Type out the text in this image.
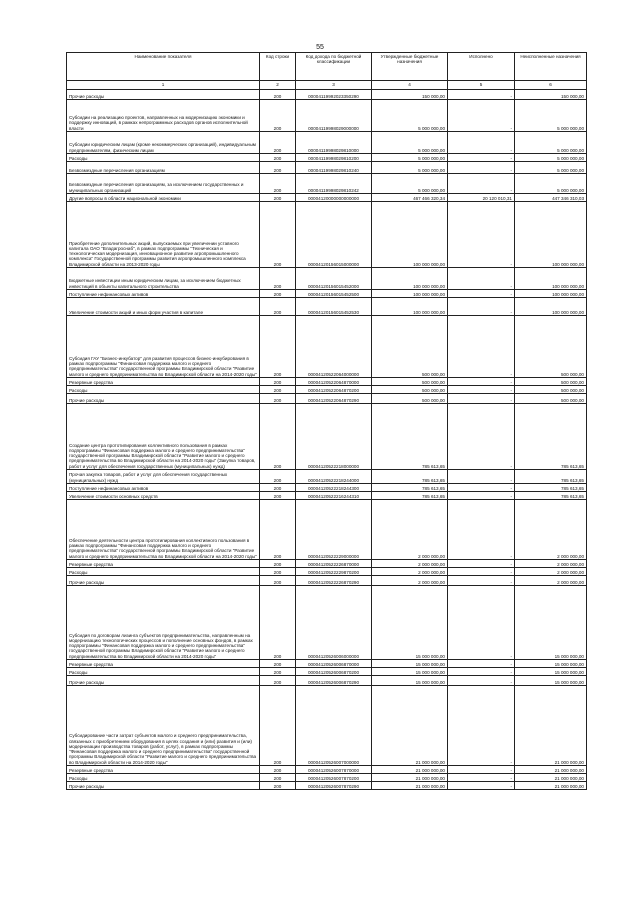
55
Наименование показателя	Код строки	Код дохода по бюджетной классификации	Утвержденные бюджетные назначения	Исполнено	Неисполненные назначения
1	2	3	4	5	6
Прочие расходы	200	00004119992023350290	150 000,00	-	150 000,00
Субсидии на реализацию проектов, направленных на модернизацию экономики и поддержку инноваций, в рамках непрограммных расходов органов исполнительной власти	200	00004119998029000000	5 000 000,00	-	5 000 000,00
Субсидии юридическим лицам (кроме некоммерческих организаций), индивидуальным предпринимателям, физическим лицам	200	00004119998029810000	5 000 000,00	-	5 000 000,00
Расходы	200	00004119998029810200	5 000 000,00	-	5 000 000,00
Безвозмездные перечисления организациям	200	00004119998029810240	5 000 000,00	-	5 000 000,00
Безвозмездные перечисления организациям, за исключением государственных и муниципальных организаций	200	00004119998029810242	5 000 000,00	-	5 000 000,00
Другие вопросы в области национальной экономики	200	00004120000000000000	467 466 320,34	20 120 010,31	447 346 310,03
Приобретение дополнительных акций, выпускаемых при увеличении уставного капитала ОАО "Владагроснаб", в рамках подпрограммы "Техническая и технологическая модернизация, инновационное развитие агропромышленного комплекса" Государственной программы развития агропромышленного комплекса Владимирской области на 2013-2020 годы	200	00004120156015000000	100 000 000,00	-	100 000 000,00
Бюджетные инвестиции иным юридическим лицам, за исключением бюджетных инвестиций в объекты капитального строительства	200	00004120156015452000	100 000 000,00	-	100 000 000,00
Поступление нефинансовых активов	200	00004120156015452500	100 000 000,00	-	100 000 000,00
Увеличение стоимости акций и иных форм участия в капитале	200	00004120156015452530	100 000 000,00	-	100 000 000,00
Субсидия ГАУ "Бизнес-инкубатор" для развития процессов бизнес-инкубирования в рамках подпрограммы "Финансовая поддержка малого и среднего предпринимательства" государственной программы Владимирской области "Развитие малого и среднего предпринимательства во Владимирской области на 2014-2020 годы"	200	00004120522064000000	500 000,00	-	500 000,00
Резервные средства	200	00004120522064870000	500 000,00	-	500 000,00
Расходы	200	00004120522064870200	500 000,00	-	500 000,00
Прочие расходы	200	00004120522064870290	500 000,00	-	500 000,00
Создание центра прототипирования коллективного пользования в рамках подпрограммы "Финансовая поддержка малого и среднего предпринимательства" государственной программы Владимирской области "Развитие малого и среднего предпринимательства во Владимирской области на 2014-2020 годы" (Закупка товаров, работ и услуг для обеспечения государственных (муниципальных) нужд)	200	00004120522218000000	785 613,65	-	785 613,65
Прочая закупка товаров, работ и услуг для обеспечения государственных (муниципальных) нужд	200	00004120522218244000	785 613,65	-	785 613,65
Поступление нефинансовых активов	200	00004120522218244300	785 613,65	-	785 613,65
Увеличение стоимости основных средств	200	00004120522216244310	785 613,65	-	785 613,65
Обеспечение деятельности центра прототипирования коллективного пользования в рамках подпрограммы "Финансовая поддержка малого и среднего предпринимательства" государственной программы Владимирской области "Развитие малого и среднего предпринимательства во Владимирской области на 2014-2020 годы"	200	00004120522229000000	2 000 000,00	-	2 000 000,00
Резервные средства	200	00004120522226870000	2 000 000,00	-	2 000 000,00
Расходы	200	00004120522229870200	2 000 000,00	-	2 000 000,00
Прочие расходы	200	00004120522226870290	2 000 000,00	-	2 000 000,00
Субсидия по договорам лизинга субъектов предпринимательства, направленным на модернизацию технологических процессов и пополнение основных фондов, в рамках подпрограммы "Финансовая поддержка малого и среднего предпринимательства" государственной программы Владимирской области "Развитие малого и среднего предпринимательства во Владимирской области на 2014-2020 годы"	200	00004120526006000000	15 000 000,00	-	15 000 000,00
Резервные средства	200	00004120526006870000	15 000 000,00	-	15 000 000,00
Расходы	200	00004120526006870200	15 000 000,00	-	15 000 000,00
Прочие расходы	200	00004120526006870290	15 000 000,00	-	15 000 000,00
Субсидирование части затрат субъектов малого и среднего предпринимательства, связанных с приобретением оборудования в целях создания и (или) развития и (или) модернизации производства товаров (работ, услуг), в рамках подпрограммы "Финансовая поддержка малого и среднего предпринимательства" государственной программы Владимирской области "Развитие малого и среднего предпринимательства во Владимирской области на 2014-2020 годы"	200	00004120526007000000	21 000 000,00	-	21 000 000,00
Резервные средства	200	00004120526007870000	21 000 000,00	-	21 000 000,00
Расходы	200	00004120526007870200	21 000 000,00	-	21 000 000,00
Прочие расходы	200	00004120526007870290	21 000 000,00	-	21 000 000,00
